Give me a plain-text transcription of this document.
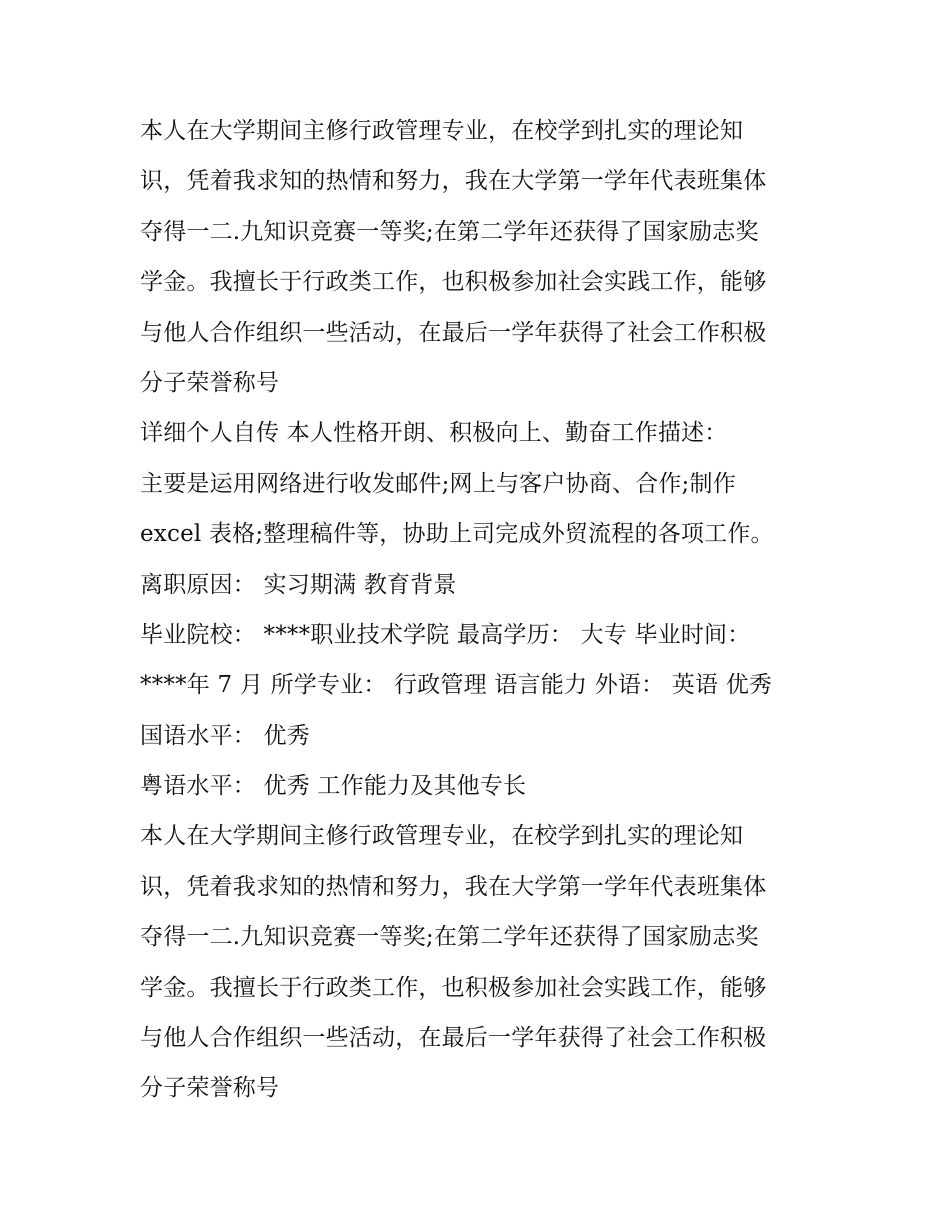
本人在大学期间主修行政管理专业，在校学到扎实的理论知
识，凭着我求知的热情和努力，我在大学第一学年代表班集体
夺得一二.九知识竞赛一等奖;在第二学年还获得了国家励志奖
学金。我擅长于行政类工作，也积极参加社会实践工作，能够
与他人合作组织一些活动，在最后一学年获得了社会工作积极
分子荣誉称号
详细个人自传 本人性格开朗、积极向上、勤奋工作描述：
主要是运用网络进行收发邮件;网上与客户协商、合作;制作
excel 表格;整理稿件等，协助上司完成外贸流程的各项工作。
离职原因： 实习期满 教育背景
毕业院校： ****职业技术学院 最高学历： 大专 毕业时间：
****年 7 月 所学专业： 行政管理 语言能力 外语： 英语 优秀
国语水平： 优秀
粤语水平： 优秀 工作能力及其他专长
本人在大学期间主修行政管理专业，在校学到扎实的理论知
识，凭着我求知的热情和努力，我在大学第一学年代表班集体
夺得一二.九知识竞赛一等奖;在第二学年还获得了国家励志奖
学金。我擅长于行政类工作，也积极参加社会实践工作，能够
与他人合作组织一些活动，在最后一学年获得了社会工作积极
分子荣誉称号
